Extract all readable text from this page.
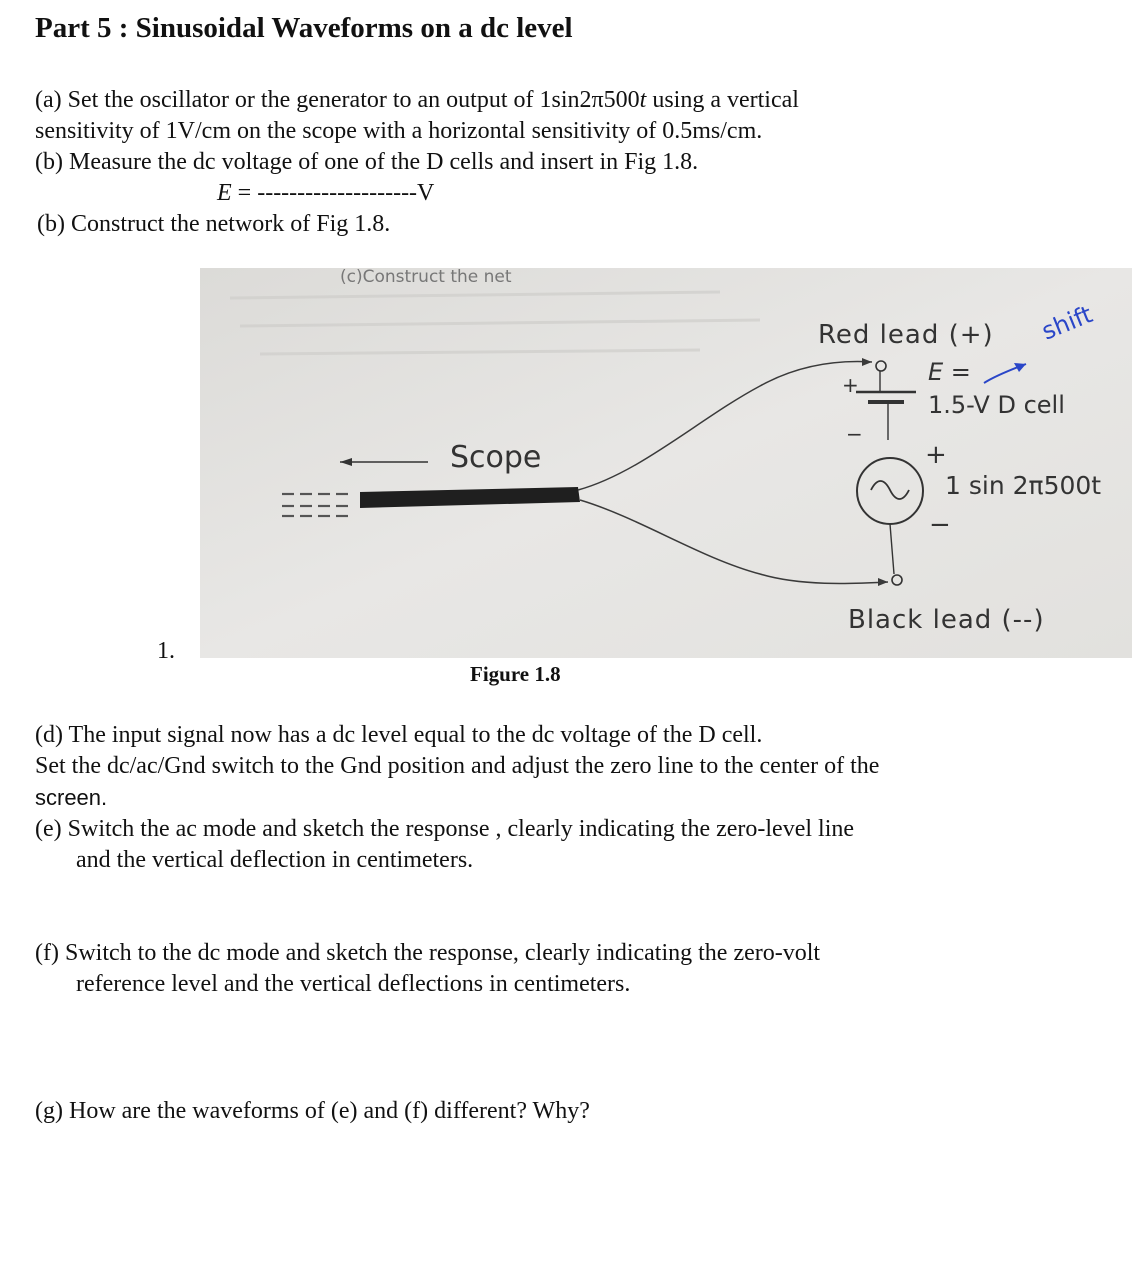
Part 5 : Sinusoidal Waveforms on a dc level
(a) Set the oscillator or the generator to an output of 1sin2π500t using a vertical
sensitivity of 1V/cm on the scope with a horizontal sensitivity of 0.5ms/cm.
(b) Measure the dc voltage of one of the D cells and insert in Fig 1.8.
E = --------------------V
(b) Construct the network of Fig 1.8.
1.
(c)Construct the net
Scope
+
−
+
−
Red lead (+)
E =
1.5-V D cell
1 sin 2π500t
Black lead (--)
shift
Figure 1.8
(d) The input signal now has a dc level equal to the dc voltage of the D cell.
Set the dc/ac/Gnd switch to the Gnd position and adjust the zero line to the center of the
screen.
(e) Switch the ac mode and sketch the response , clearly indicating the zero-level line
and the vertical deflection in centimeters.
(f) Switch to the dc mode and sketch the response, clearly indicating the zero-volt
reference level and the vertical deflections in centimeters.
(g) How are the waveforms of (e) and (f) different? Why?
